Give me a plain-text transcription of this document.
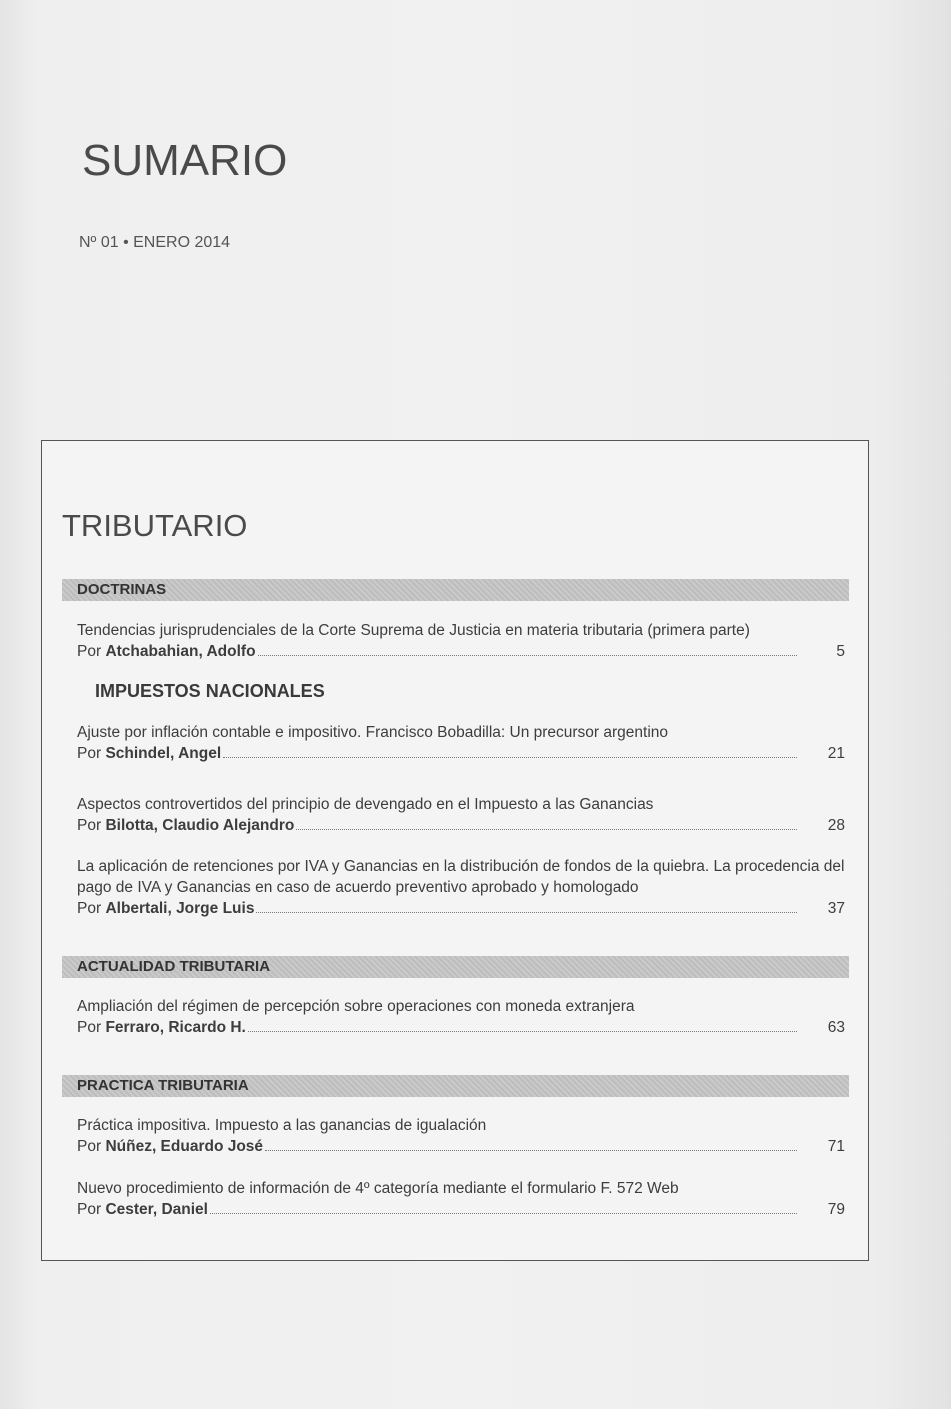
SUMARIO
Nº 01 • ENERO 2014
TRIBUTARIO
DOCTRINAS
Tendencias jurisprudenciales de la Corte Suprema de Justicia en materia tributaria (primera parte)
Por Atchabahian, Adolfo	5
IMPUESTOS NACIONALES
Ajuste por inflación contable e impositivo. Francisco Bobadilla: Un precursor argentino
Por Schindel, Angel	21
Aspectos controvertidos del principio de devengado en el Impuesto a las Ganancias
Por Bilotta, Claudio Alejandro	28
La aplicación de retenciones por IVA y Ganancias en la distribución de fondos de la quiebra. La procedencia del pago de IVA y Ganancias en caso de acuerdo preventivo aprobado y homologado
Por Albertali, Jorge Luis	37
ACTUALIDAD TRIBUTARIA
Ampliación del régimen de percepción sobre operaciones con moneda extranjera
Por Ferraro, Ricardo H.	63
PRACTICA TRIBUTARIA
Práctica impositiva. Impuesto a las ganancias de igualación
Por Núñez, Eduardo José	71
Nuevo procedimiento de información de 4º categoría mediante el formulario F. 572 Web
Por Cester, Daniel	79
